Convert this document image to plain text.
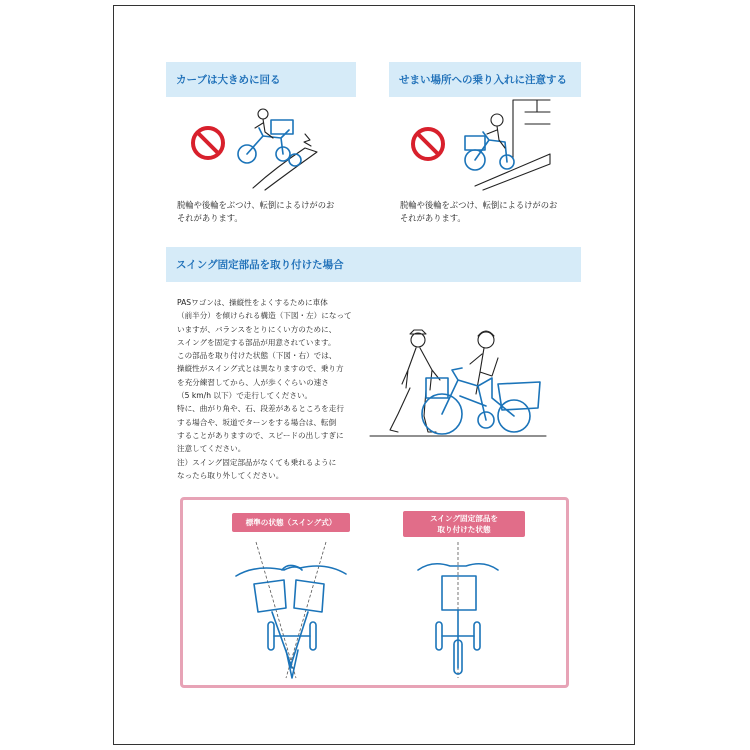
カーブは大きめに回る	せまい場所への乗り入れに注意する
スイング固定部品を取り付けた場合
脱輪や後輪をぶつけ、転倒によるけがのお
それがあります。
脱輪や後輪をぶつけ、転倒によるけがのお
それがあります。

PASワゴンは、操縦性をよくするために車体

（前半分）を傾けられる構造（下図・左）になって

いますが、バランスをとりにくい方のために、

スイングを固定する部品が用意されています。

この部品を取り付けた状態（下図・右）では、

操縦性がスイング式とは異なりますので、乗り方

を充分練習してから、人が歩くぐらいの速さ

（5 km/h 以下）で走行してください。

特に、曲がり角や、石、段差があるところを走行

する場合や、坂道でターンをする場合は、転倒

することがありますので、スピードの出しすぎに

注意してください。

注）スイング固定部品がなくても乗れるように

なったら取り外してください。

標準の状態（スイング式）	スイング固定部品を
取り付けた状態
